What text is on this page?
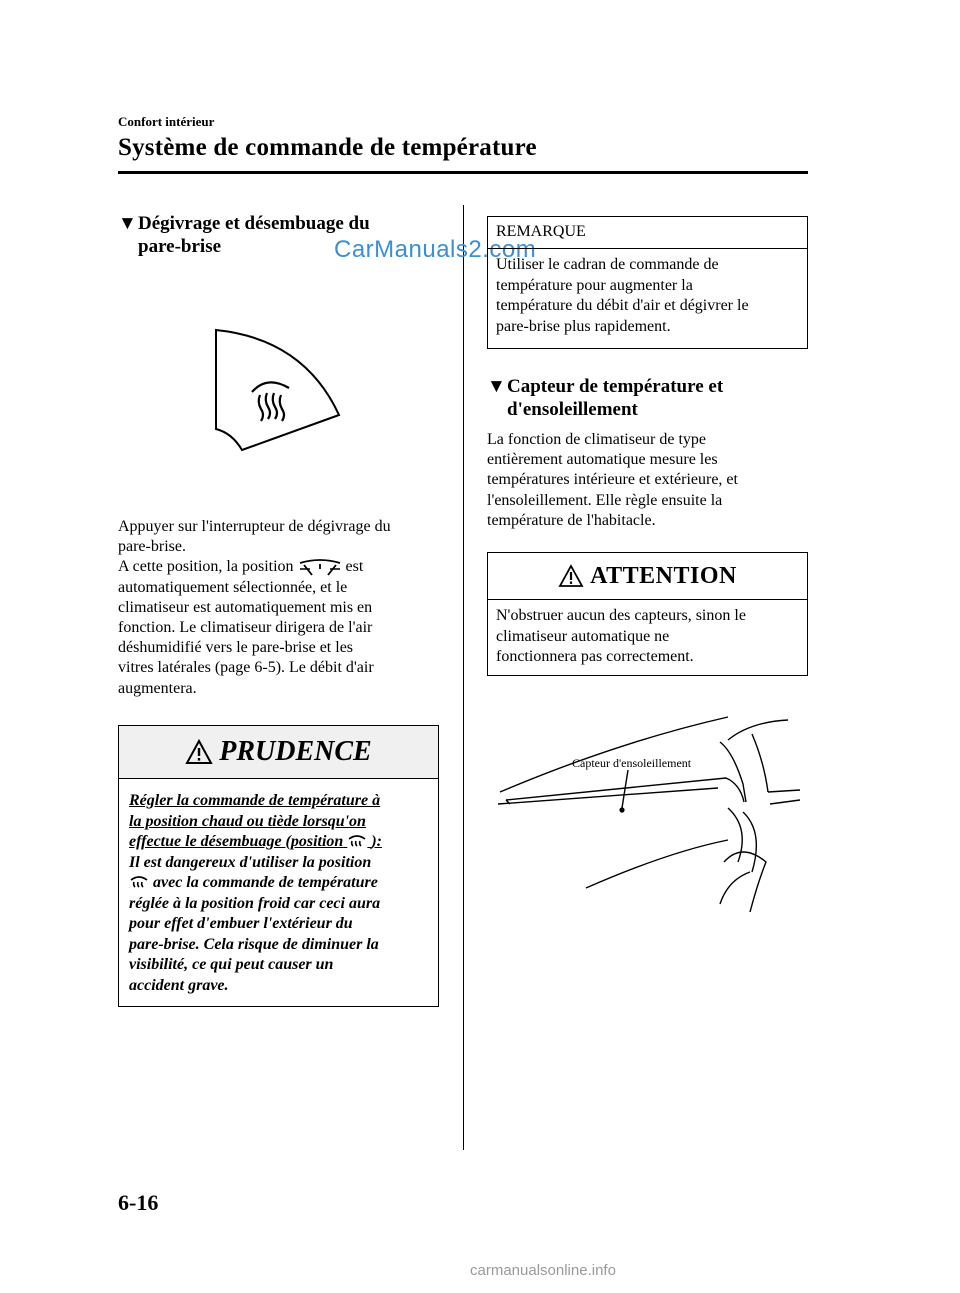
Confort intérieur
Système de commande de température
CarManuals2.com
▼Dégivrage et désembuage du
pare-brise
Appuyer sur l'interrupteur de dégivrage du
pare-brise.
A cette position, la position	est
automatiquement sélectionnée, et le
climatiseur est automatiquement mis en
fonction. Le climatiseur dirigera de l'air
déshumidifié vers le pare-brise et les
vitres latérales (page 6-5). Le débit d'air
augmentera.
PRUDENCE
Régler la commande de température à
la position chaud ou tiède lorsqu'on
effectue le désembuage (position ):
Il est dangereux d'utiliser la position
avec la commande de température
réglée à la position froid car ceci aura
pour effet d'embuer l'extérieur du
pare-brise. Cela risque de diminuer la
visibilité, ce qui peut causer un
accident grave.
REMARQUE
Utiliser le cadran de commande de
température pour augmenter la
température du débit d'air et dégivrer le
pare-brise plus rapidement.
▼Capteur de température et
d'ensoleillement
La fonction de climatiseur de type
entièrement automatique mesure les
températures intérieure et extérieure, et
l'ensoleillement. Elle règle ensuite la
température de l'habitacle.
ATTENTION
N'obstruer aucun des capteurs, sinon le
climatiseur automatique ne
fonctionnera pas correctement.
Capteur d'ensoleillement
6-16
carmanualsonline.info
